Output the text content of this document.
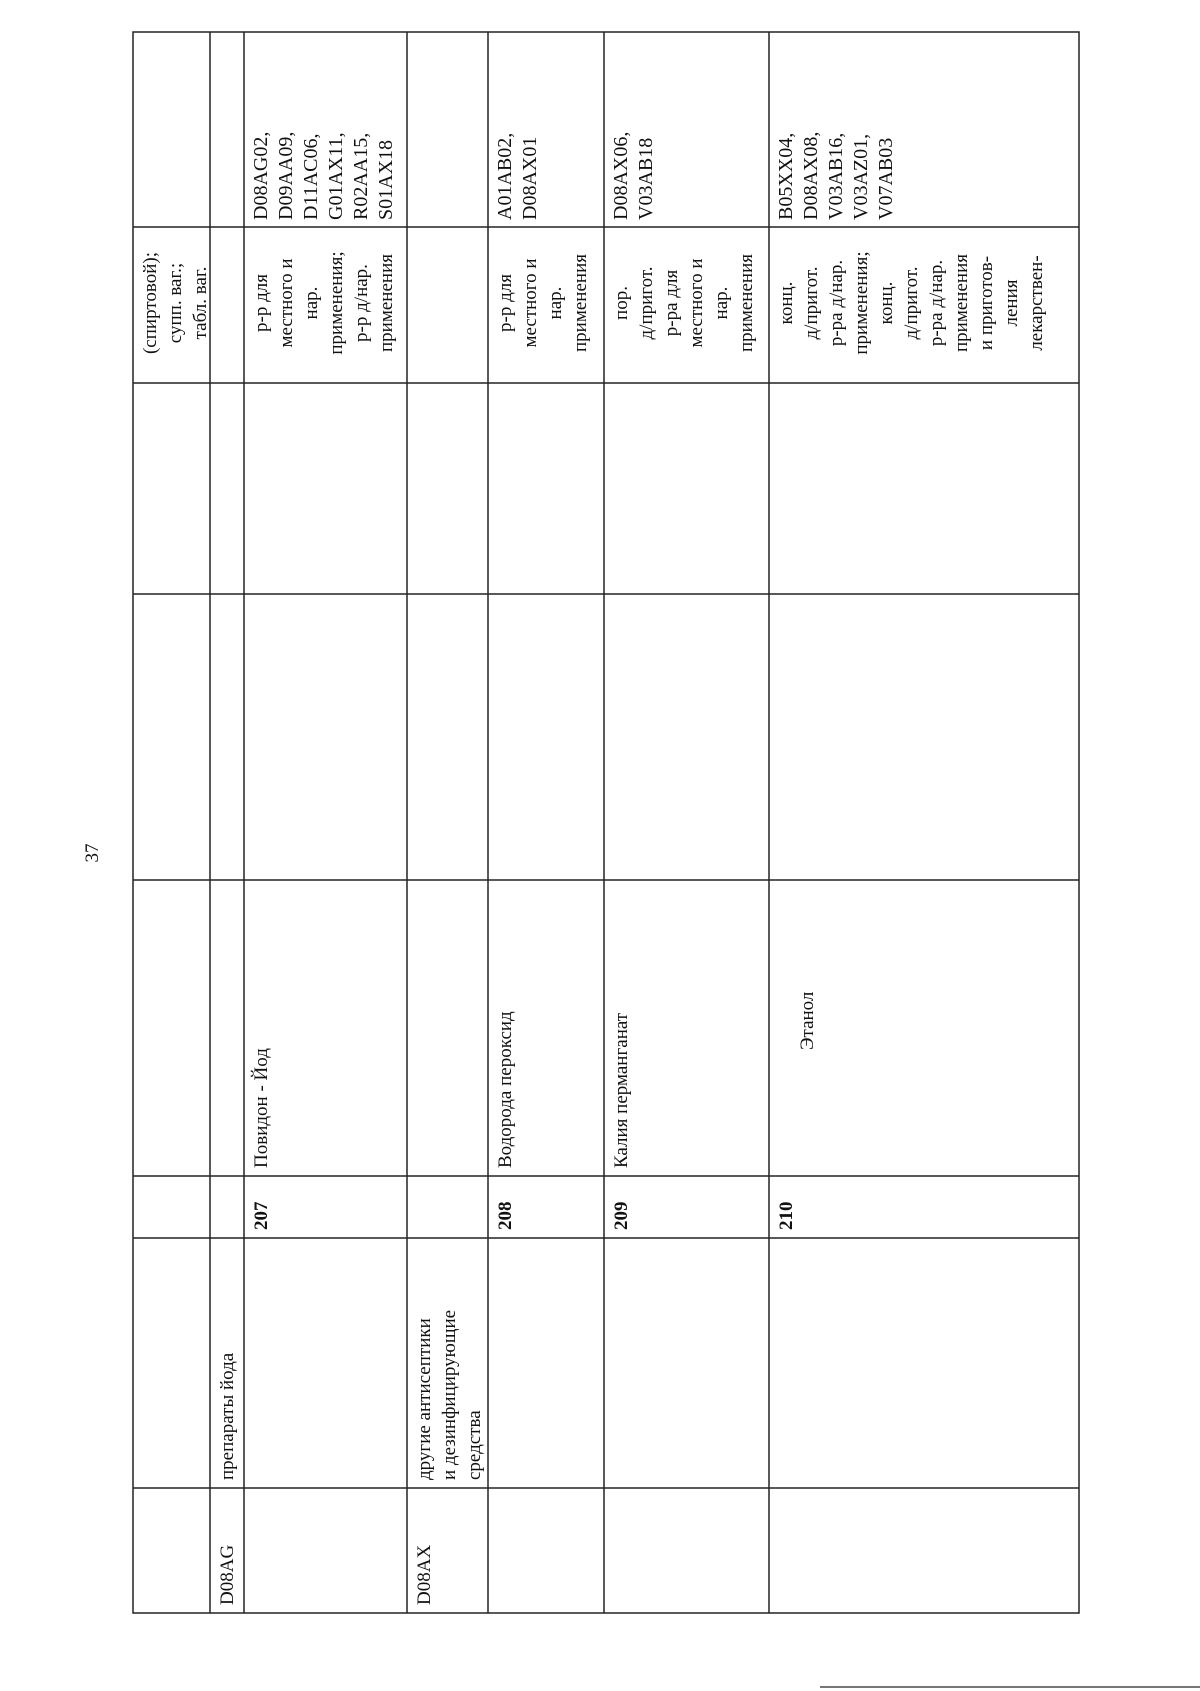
37
(спиртовой); супп. ваг.; табл. ваг.
D08AG
препараты йода
207
Повидон - Йод
р-р для местного и нар. применения; р-р д/нар. применения
D08AG02, D09AA09, D11AC06, G01AX11, R02AA15, S01AX18
D08AX
другие антисептики и дезинфицирующие средства
208
Водорода пероксид
р-р для местного и нар. применения
A01AB02, D08AX01
209
Калия перманганат
пор. д/пригот. р-ра для местного и нар. применения
D08AX06, V03AB18
210
Этанол
конц. д/пригот. р-ра д/нар. применения; конц. д/пригот. р-ра д/нар. применения и приготов- ления лекарствен-
B05XX04, D08AX08, V03AB16, V03AZ01, V07AB03
